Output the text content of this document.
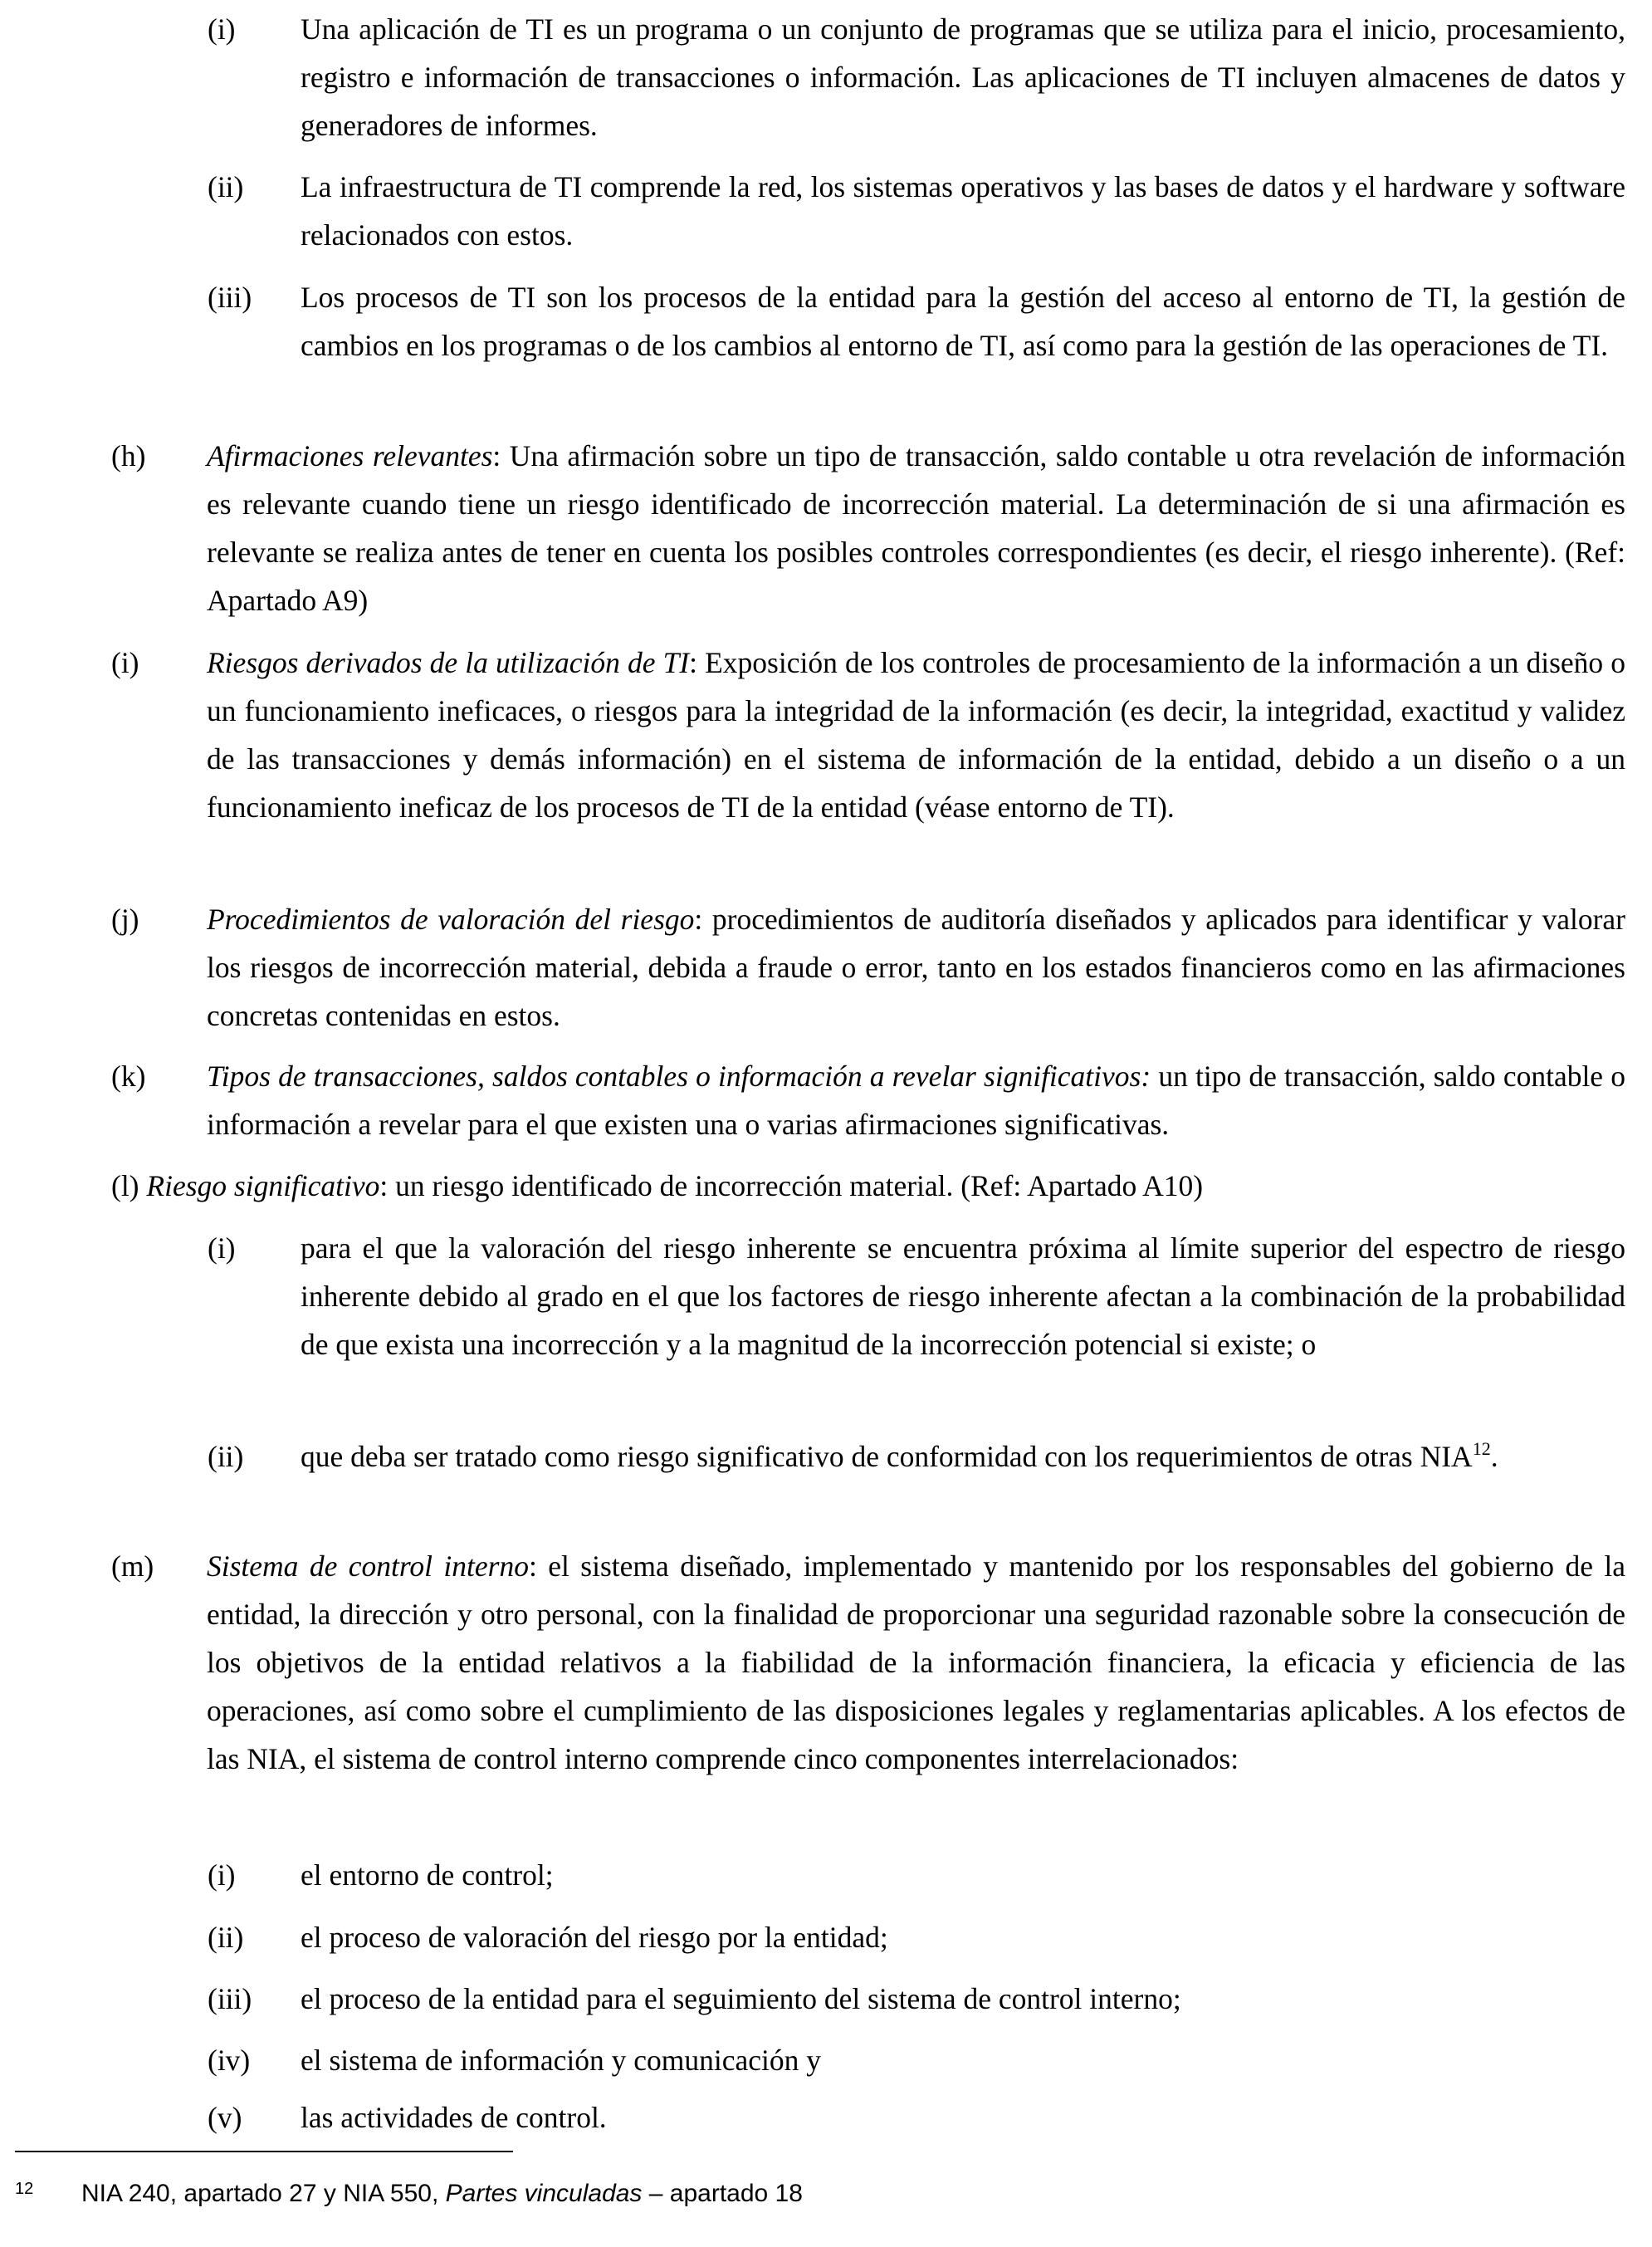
(i) Una aplicación de TI es un programa o un conjunto de programas que se utiliza para el inicio, procesamiento, registro e información de transacciones o información. Las aplicaciones de TI incluyen almacenes de datos y generadores de informes.
(ii) La infraestructura de TI comprende la red, los sistemas operativos y las bases de datos y el hardware y software relacionados con estos.
(iii) Los procesos de TI son los procesos de la entidad para la gestión del acceso al entorno de TI, la gestión de cambios en los programas o de los cambios al entorno de TI, así como para la gestión de las operaciones de TI.
(h) Afirmaciones relevantes: Una afirmación sobre un tipo de transacción, saldo contable u otra revelación de información es relevante cuando tiene un riesgo identificado de incorrección material. La determinación de si una afirmación es relevante se realiza antes de tener en cuenta los posibles controles correspondientes (es decir, el riesgo inherente). (Ref: Apartado A9)
(i) Riesgos derivados de la utilización de TI: Exposición de los controles de procesamiento de la información a un diseño o un funcionamiento ineficaces, o riesgos para la integridad de la información (es decir, la integridad, exactitud y validez de las transacciones y demás información) en el sistema de información de la entidad, debido a un diseño o a un funcionamiento ineficaz de los procesos de TI de la entidad (véase entorno de TI).
(j) Procedimientos de valoración del riesgo: procedimientos de auditoría diseñados y aplicados para identificar y valorar los riesgos de incorrección material, debida a fraude o error, tanto en los estados financieros como en las afirmaciones concretas contenidas en estos.
(k) Tipos de transacciones, saldos contables o información a revelar significativos: un tipo de transacción, saldo contable o información a revelar para el que existen una o varias afirmaciones significativas.
(l) Riesgo significativo: un riesgo identificado de incorrección material. (Ref: Apartado A10)
(i) para el que la valoración del riesgo inherente se encuentra próxima al límite superior del espectro de riesgo inherente debido al grado en el que los factores de riesgo inherente afectan a la combinación de la probabilidad de que exista una incorrección y a la magnitud de la incorrección potencial si existe; o
(ii) que deba ser tratado como riesgo significativo de conformidad con los requerimientos de otras NIA$^{12}$.
(m) Sistema de control interno: el sistema diseñado, implementado y mantenido por los responsables del gobierno de la entidad, la dirección y otro personal, con la finalidad de proporcionar una seguridad razonable sobre la consecución de los objetivos de la entidad relativos a la fiabilidad de la información financiera, la eficacia y eficiencia de las operaciones, así como sobre el cumplimiento de las disposiciones legales y reglamentarias aplicables. A los efectos de las NIA, el sistema de control interno comprende cinco componentes interrelacionados:
(i) el entorno de control;
(ii) el proceso de valoración del riesgo por la entidad;
(iii) el proceso de la entidad para el seguimiento del sistema de control interno;
(iv) el sistema de información y comunicación y
(v) las actividades de control.
12 NIA 240, apartado 27 y NIA 550, Partes vinculadas – apartado 18
